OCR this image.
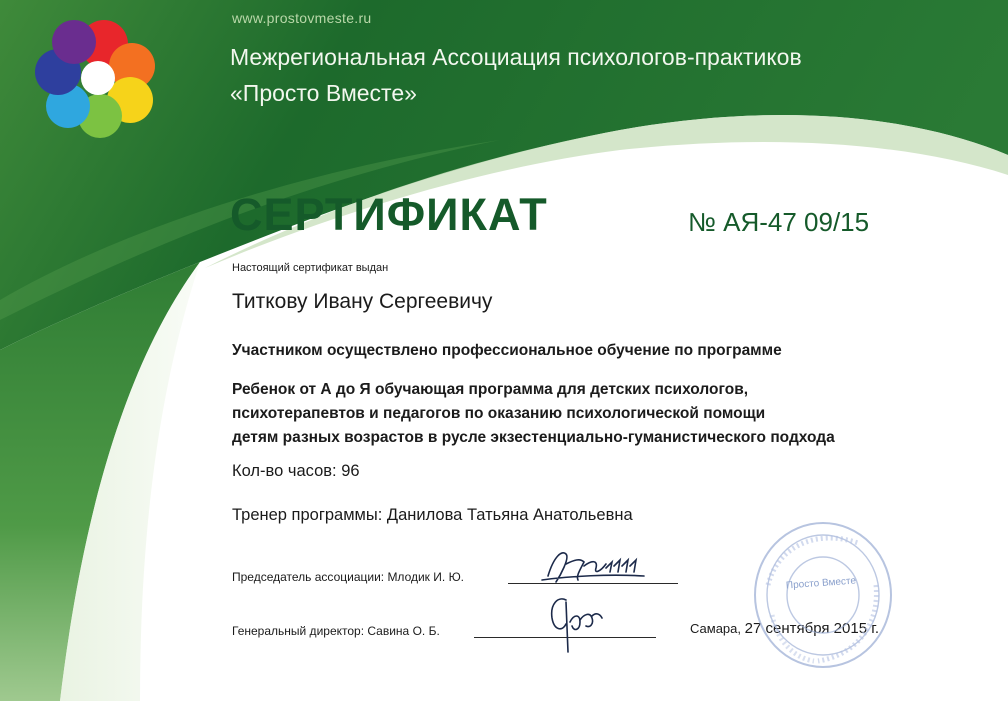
www.prostovmeste.ru
Межрегиональная Ассоциация психологов-практиков
«Просто Вместе»
СЕРТИФИКАТ	№ АЯ-47 09/15
Настоящий сертификат выдан
Титкову Ивану Сергеевичу
Участником осуществлено профессиональное обучение по программе
Ребенок от А до Я обучающая программа для детских психологов,
психотерапевтов и педагогов по оказанию психологической помощи
детям разных возрастов в русле экзестенциально-гуманистического подхода
Кол-во часов: 96
Тренер программы: Данилова Татьяна Анатольевна
Председатель ассоциации: Млодик И. Ю.
Генеральный директор: Савина О. Б.	Самара, 27 сентября 2015 г.
Просто Вместе
